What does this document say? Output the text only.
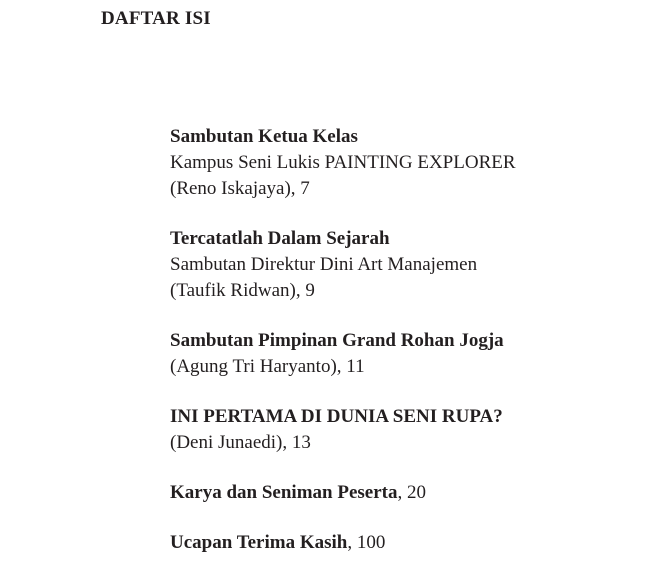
DAFTAR ISI
Sambutan Ketua Kelas
Kampus Seni Lukis PAINTING EXPLORER
(Reno Iskajaya), 7
Tercatatlah Dalam Sejarah
Sambutan Direktur Dini Art Manajemen
(Taufik Ridwan), 9
Sambutan Pimpinan Grand Rohan Jogja
(Agung Tri Haryanto), 11
INI PERTAMA DI DUNIA SENI RUPA?
(Deni Junaedi), 13
Karya dan Seniman Peserta, 20
Ucapan Terima Kasih, 100
